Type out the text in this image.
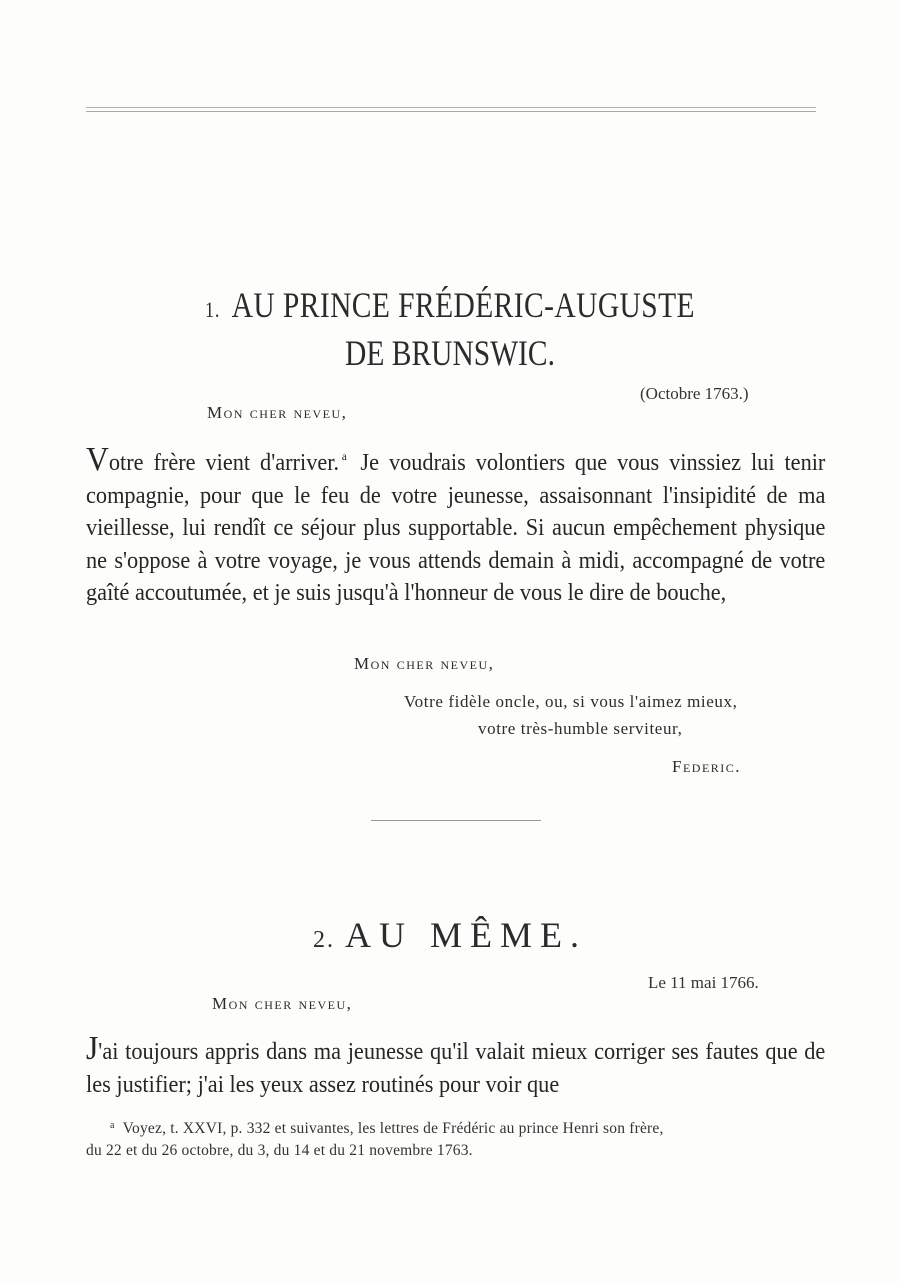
1. AU PRINCE FRÉDÉRIC-AUGUSTE
DE BRUNSWIC.
(Octobre 1763.)
Mon cher neveu,
Votre frère vient d'arriver. $^a$ Je voudrais volontiers que vous vinssiez lui tenir compagnie, pour que le feu de votre jeunesse, assaisonnant l'insipidité de ma vieillesse, lui rendît ce séjour plus supportable. Si aucun empêchement physique ne s'oppose à votre voyage, je vous attends demain à midi, accompagné de votre gaîté accoutumée, et je suis jusqu'à l'honneur de vous le dire de bouche,
Mon cher neveu,
Votre fidèle oncle, ou, si vous l'aimez mieux,
votre très-humble serviteur,
Federic.
2. AU MÊME.
Le 11 mai 1766.
Mon cher neveu,
J'ai toujours appris dans ma jeunesse qu'il valait mieux corriger ses fautes que de les justifier; j'ai les yeux assez routinés pour voir que
$^a$ Voyez, t. XXVI, p. 332 et suivantes, les lettres de Frédéric au prince Henri son frère,
du 22 et du 26 octobre, du 3, du 14 et du 21 novembre 1763.
